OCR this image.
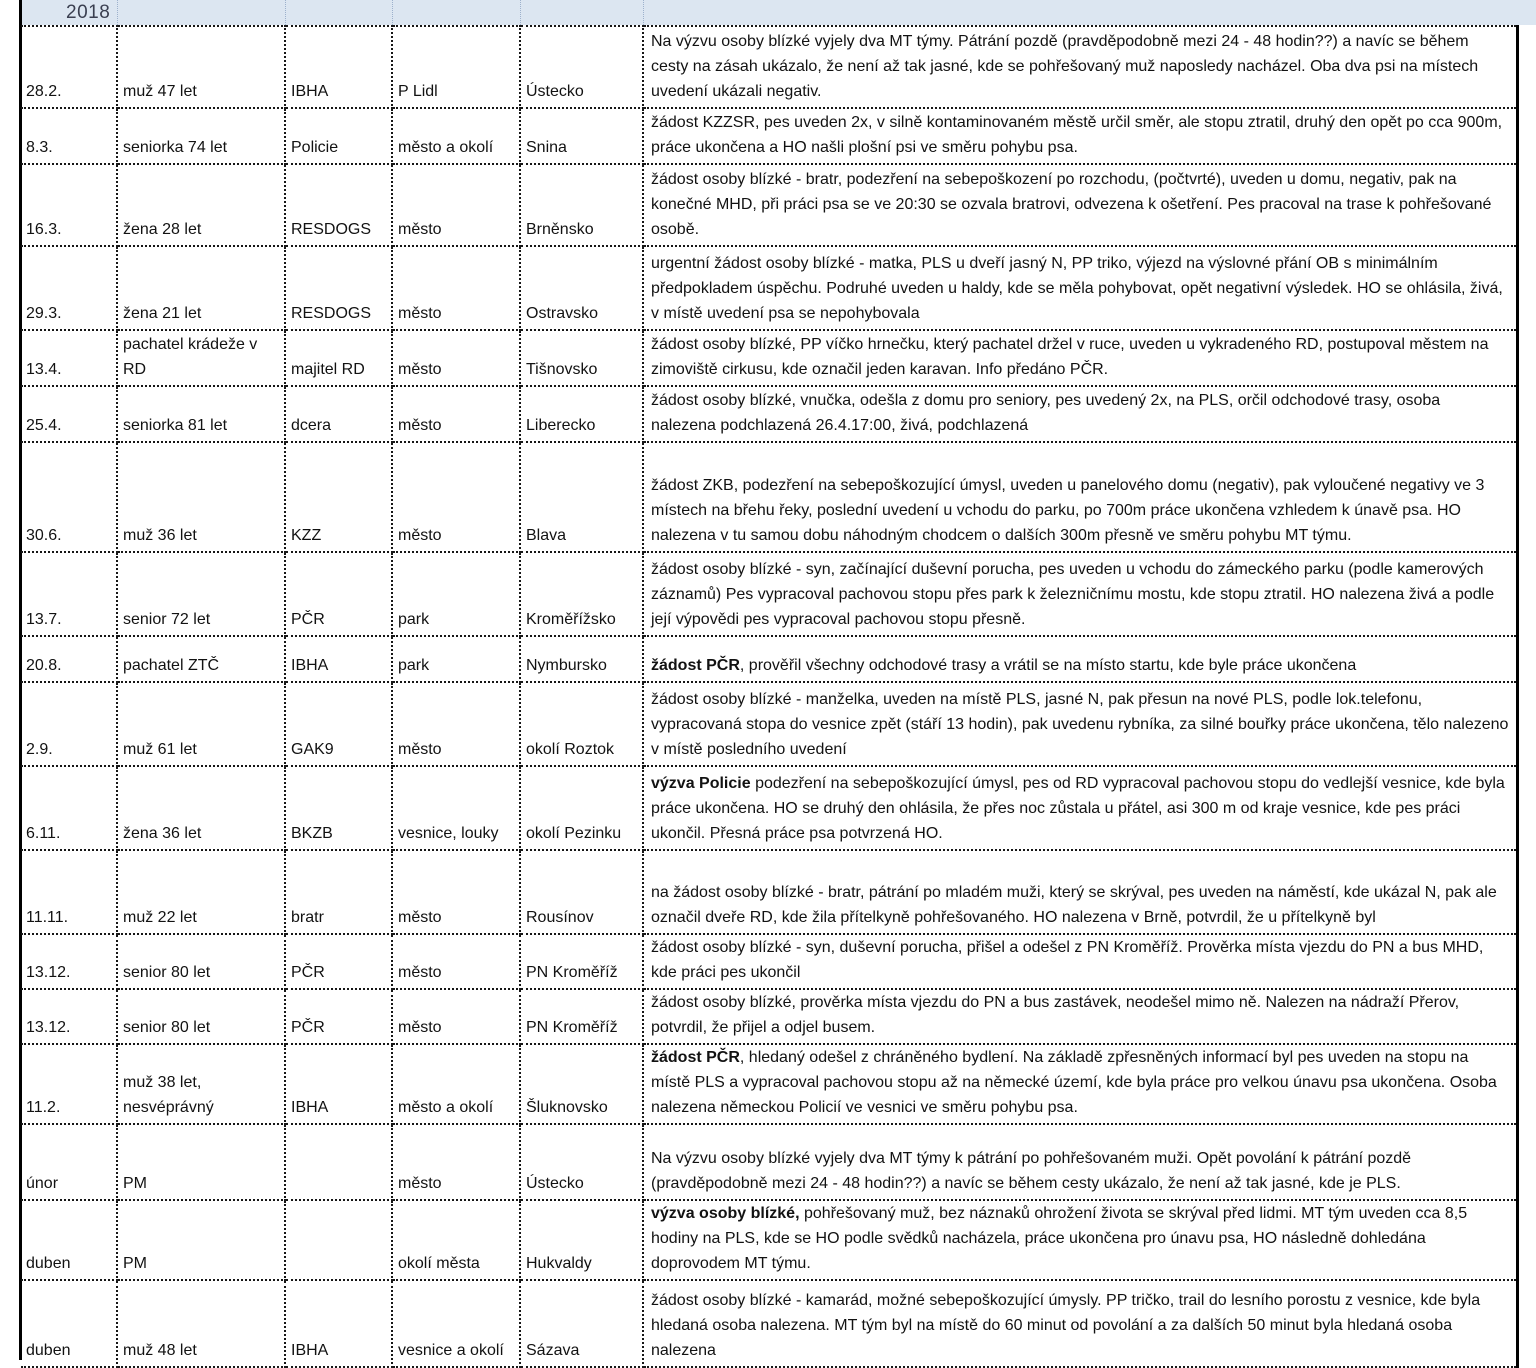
2018
28.2.	muž 47 let	IBHA	P Lidl	Ústecko	Na výzvu osoby blízké vyjely dva MT týmy. Pátrání pozdě (pravděpodobně mezi 24 - 48 hodin??) a navíc se během cesty na zásah ukázalo, že není až tak jasné, kde se pohřešovaný muž naposledy nacházel. Oba dva psi na místech uvedení ukázali negativ.
8.3.	seniorka 74 let	Policie	město a okolí	Snina	žádost KZZSR, pes uveden 2x, v silně kontaminovaném městě určil směr, ale stopu ztratil, druhý den opět po cca 900m, práce ukončena a HO našli plošní psi ve směru pohybu psa.
16.3.	žena 28 let	RESDOGS	město	Brněnsko	žádost osoby blízké - bratr, podezření na sebepoškození po rozchodu, (počtvrté), uveden u domu, negativ, pak na konečné MHD, při práci psa se ve 20:30 se ozvala bratrovi, odvezena k ošetření. Pes pracoval na trase k pohřešované osobě.
29.3.	žena 21 let	RESDOGS	město	Ostravsko	urgentní žádost osoby blízké - matka, PLS u dveří jasný N, PP triko, výjezd na výslovné přání OB s minimálním předpokladem úspěchu. Podruhé uveden u haldy, kde se měla pohybovat, opět negativní výsledek. HO se ohlásila, živá, v místě uvedení psa se nepohybovala
13.4.	pachatel krádeže v RD	majitel RD	město	Tišnovsko	žádost osoby blízké, PP víčko hrnečku, který pachatel držel v ruce, uveden u vykradeného RD, postupoval městem na zimoviště cirkusu, kde označil jeden karavan. Info předáno PČR.
25.4.	seniorka 81 let	dcera	město	Liberecko	žádost osoby blízké, vnučka, odešla z domu pro seniory, pes uvedený 2x, na PLS, orčil odchodové trasy, osoba nalezena podchlazená 26.4.17:00, živá, podchlazená
30.6.	muž 36 let	KZZ	město	Blava	žádost ZKB, podezření na sebepoškozující úmysl, uveden u panelového domu (negativ), pak vyloučené negativy ve 3 místech na břehu řeky, poslední uvedení u vchodu do parku, po 700m práce ukončena vzhledem k únavě psa. HO nalezena v tu samou dobu náhodným chodcem o dalších 300m přesně ve směru pohybu MT týmu.
13.7.	senior 72 let	PČR	park	Kroměřížsko	žádost osoby blízké - syn, začínající duševní porucha, pes uveden u vchodu do zámeckého parku (podle kamerových záznamů) Pes vypracoval pachovou stopu přes park k železničnímu mostu, kde stopu ztratil. HO nalezena živá a podle její výpovědi pes vypracoval pachovou stopu přesně.
20.8.	pachatel ZTČ	IBHA	park	Nymbursko	žádost PČR, prověřil všechny odchodové trasy a vrátil se na místo startu, kde byle práce ukončena
2.9.	muž 61 let	GAK9	město	okolí Roztok	žádost osoby blízké - manželka, uveden na místě PLS, jasné N, pak přesun na nové PLS, podle lok.telefonu, vypracovaná stopa do vesnice zpět (stáří 13 hodin), pak uvedenu rybníka, za silné bouřky práce ukončena, tělo nalezeno v místě posledního uvedení
6.11.	žena 36 let	BKZB	vesnice, louky	okolí Pezinku	výzva Policie podezření na sebepoškozující úmysl, pes od RD vypracoval pachovou stopu do vedlejší vesnice, kde byla práce ukončena. HO se druhý den ohlásila, že přes noc zůstala u přátel, asi 300 m od kraje vesnice, kde pes práci ukončil. Přesná práce psa potvrzená HO.
11.11.	muž 22 let	bratr	město	Rousínov	na žádost osoby blízké - bratr, pátrání po mladém muži, který se skrýval, pes uveden na náměstí, kde ukázal N, pak ale označil dveře RD, kde žila přítelkyně pohřešovaného. HO nalezena v Brně, potvrdil, že u přítelkyně byl
13.12.	senior 80 let	PČR	město	PN Kroměříž	žádost osoby blízké - syn, duševní porucha, přišel a odešel z PN Kroměříž. Prověrka místa vjezdu do PN a bus MHD, kde práci pes ukončil
13.12.	senior 80 let	PČR	město	PN Kroměříž	žádost osoby blízké, prověrka místa vjezdu do PN a bus zastávek, neodešel mimo ně. Nalezen na nádraží Přerov, potvrdil, že přijel a odjel busem.
11.2.	muž 38 let, nesvéprávný	IBHA	město a okolí	Šluknovsko	žádost PČR, hledaný odešel z chráněného bydlení. Na základě zpřesněných informací byl pes uveden na stopu na místě PLS a vypracoval pachovou stopu až na německé území, kde byla práce pro velkou únavu psa ukončena. Osoba nalezena německou Policií ve vesnici ve směru pohybu psa.
únor	PM		město	Ústecko	Na výzvu osoby blízké vyjely dva MT týmy k pátrání po pohřešovaném muži. Opět povolání k pátrání pozdě (pravděpodobně mezi 24 - 48 hodin??) a navíc se během cesty ukázalo, že není až tak jasné, kde je PLS.
duben	PM		okolí města	Hukvaldy	výzva osoby blízké, pohřešovaný muž, bez náznaků ohrožení života se skrýval před lidmi. MT tým uveden cca 8,5 hodiny na PLS, kde se HO podle svědků nacházela, práce ukončena pro únavu psa, HO následně dohledána doprovodem MT týmu.
duben	muž 48 let	IBHA	vesnice a okolí	Sázava	žádost osoby blízké - kamarád, možné sebepoškozující úmysly. PP tričko, trail do lesního porostu z vesnice, kde byla hledaná osoba nalezena. MT tým byl na místě do 60 minut od povolání a za dalších 50 minut byla hledaná osoba nalezena
